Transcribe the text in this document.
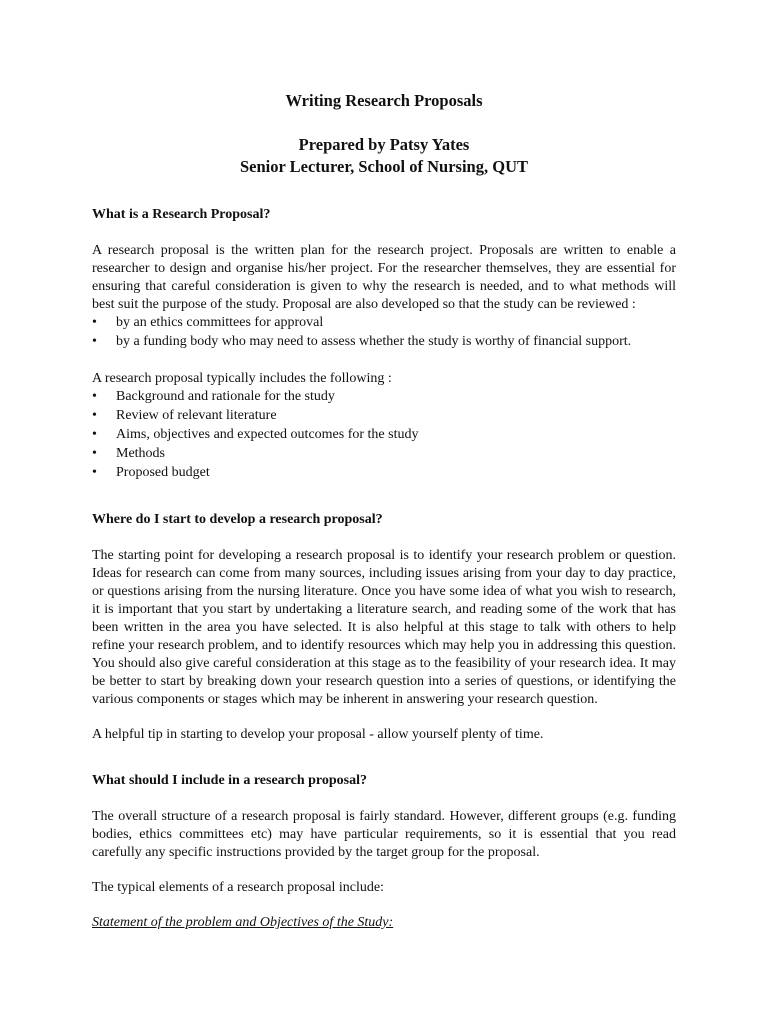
Writing Research Proposals

Prepared by Patsy Yates

Senior Lecturer, School of Nursing, QUT

What is a Research Proposal?

A research proposal is the written plan for the research project. Proposals are written to enable a researcher to design and organise his/her project. For the researcher themselves, they are essential for ensuring that careful consideration is given to why the research is needed, and to what methods will best suit the purpose of the study. Proposal are also developed so that the study can be reviewed :

•	by an ethics committees for approval
•	by a funding body who may need to assess whether the study is worthy of financial support.

A research proposal typically includes the following :

•	Background and rationale for the study
•	Review of relevant literature
•	Aims, objectives and expected outcomes for the study
•	Methods
•	Proposed budget

Where do I start to develop a research proposal?

The starting point for developing a research proposal is to identify your research problem or question. Ideas for research can come from many sources, including issues arising from your day to day practice, or questions arising from the nursing literature. Once you have some idea of what you wish to research, it is important that you start by undertaking a literature search, and reading some of the work that has been written in the area you have selected. It is also helpful at this stage to talk with others to help refine your research problem, and to identify resources which may help you in addressing this question. You should also give careful consideration at this stage as to the feasibility of your research idea. It may be better to start by breaking down your research question into a series of questions, or identifying the various components or stages which may be inherent in answering your research question.

A helpful tip in starting to develop your proposal - allow yourself plenty of time.

What should I include in a research proposal?

The overall structure of a research proposal is fairly standard. However, different groups (e.g. funding bodies, ethics committees etc) may have particular requirements, so it is essential that you read carefully any specific instructions provided by the target group for the proposal.

The typical elements of a research proposal include:

Statement of the problem and Objectives of the Study:
